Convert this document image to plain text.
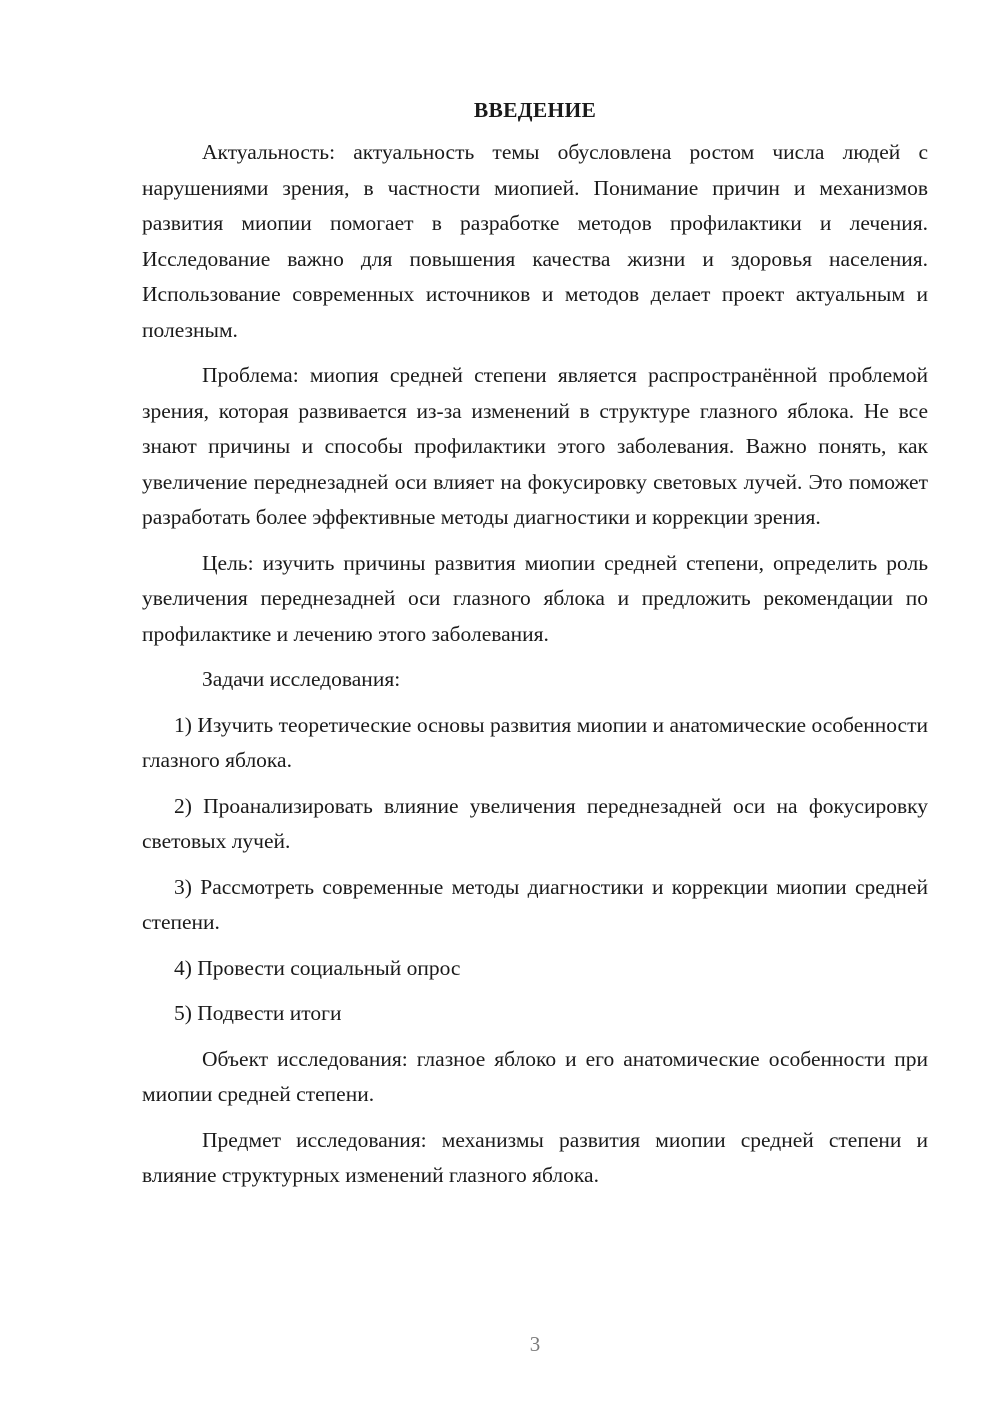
ВВЕДЕНИЕ

Актуальность: актуальность темы обусловлена ростом числа людей с нарушениями зрения, в частности миопией. Понимание причин и механизмов развития миопии помогает в разработке методов профилактики и лечения. Исследование важно для повышения качества жизни и здоровья населения. Использование современных источников и методов делает проект актуальным и полезным.

Проблема: миопия средней степени является распространённой проблемой зрения, которая развивается из-за изменений в структуре глазного яблока. Не все знают причины и способы профилактики этого заболевания. Важно понять, как увеличение переднезадней оси влияет на фокусировку световых лучей. Это поможет разработать более эффективные методы диагностики и коррекции зрения.

Цель: изучить причины развития миопии средней степени, определить роль увеличения переднезадней оси глазного яблока и предложить рекомендации по профилактике и лечению этого заболевания.

Задачи исследования:

1) Изучить теоретические основы развития миопии и анатомические особенности глазного яблока.

2) Проанализировать влияние увеличения переднезадней оси на фокусировку световых лучей.

3) Рассмотреть современные методы диагностики и коррекции миопии средней степени.

4) Провести социальный опрос

5) Подвести итоги

Объект исследования: глазное яблоко и его анатомические особенности при миопии средней степени.

Предмет исследования: механизмы развития миопии средней степени и влияние структурных изменений глазного яблока.

3
